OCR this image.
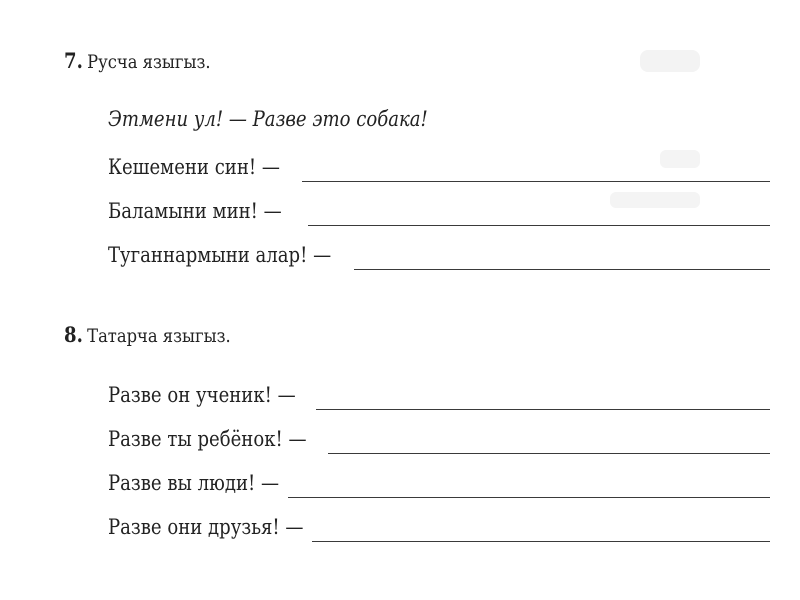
7. Русча языгыз.
Этмени ул! — Разве это собака!
Кешемени син! —
Баламыни мин! —
Туганнармыни алар! —
8. Татарча языгыз.
Разве он ученик! —
Разве ты ребёнок! —
Разве вы люди! —
Разве они друзья! —
